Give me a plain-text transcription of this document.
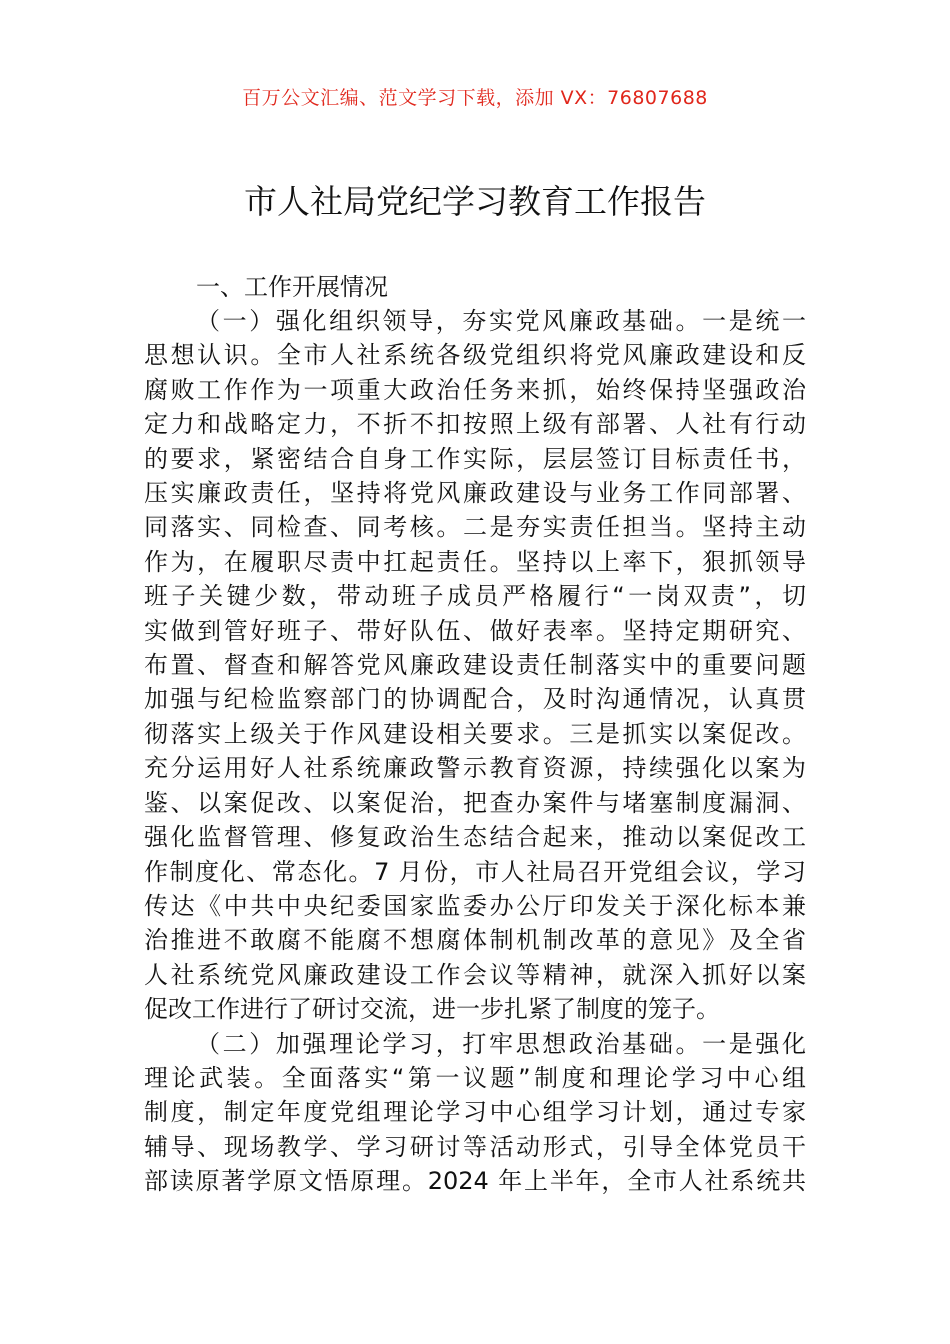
百万公文汇编、范文学习下载，添加 VX：76807688
市人社局党纪学习教育工作报告
一、工作开展情况
（一）强化组织领导，夯实党风廉政基础。一是统一
思想认识。全市人社系统各级党组织将党风廉政建设和反
腐败工作作为一项重大政治任务来抓，始终保持坚强政治
定力和战略定力，不折不扣按照上级有部署、人社有行动
的要求，紧密结合自身工作实际，层层签订目标责任书，
压实廉政责任，坚持将党风廉政建设与业务工作同部署、
同落实、同检查、同考核。二是夯实责任担当。坚持主动
作为，在履职尽责中扛起责任。坚持以上率下，狠抓领导
班子关键少数，带动班子成员严格履行“一岗双责”，切
实做到管好班子、带好队伍、做好表率。坚持定期研究、
布置、督查和解答党风廉政建设责任制落实中的重要问题
加强与纪检监察部门的协调配合，及时沟通情况，认真贯
彻落实上级关于作风建设相关要求。三是抓实以案促改。
充分运用好人社系统廉政警示教育资源，持续强化以案为
鉴、以案促改、以案促治，把查办案件与堵塞制度漏洞、
强化监督管理、修复政治生态结合起来，推动以案促改工
作制度化、常态化。7 月份，市人社局召开党组会议，学习
传达《中共中央纪委国家监委办公厅印发关于深化标本兼
治推进不敢腐不能腐不想腐体制机制改革的意见》及全省
人社系统党风廉政建设工作会议等精神，就深入抓好以案
促改工作进行了研讨交流，进一步扎紧了制度的笼子。
（二）加强理论学习，打牢思想政治基础。一是强化
理论武装。全面落实“第一议题”制度和理论学习中心组
制度，制定年度党组理论学习中心组学习计划，通过专家
辅导、现场教学、学习研讨等活动形式，引导全体党员干
部读原著学原文悟原理。2024 年上半年，全市人社系统共
